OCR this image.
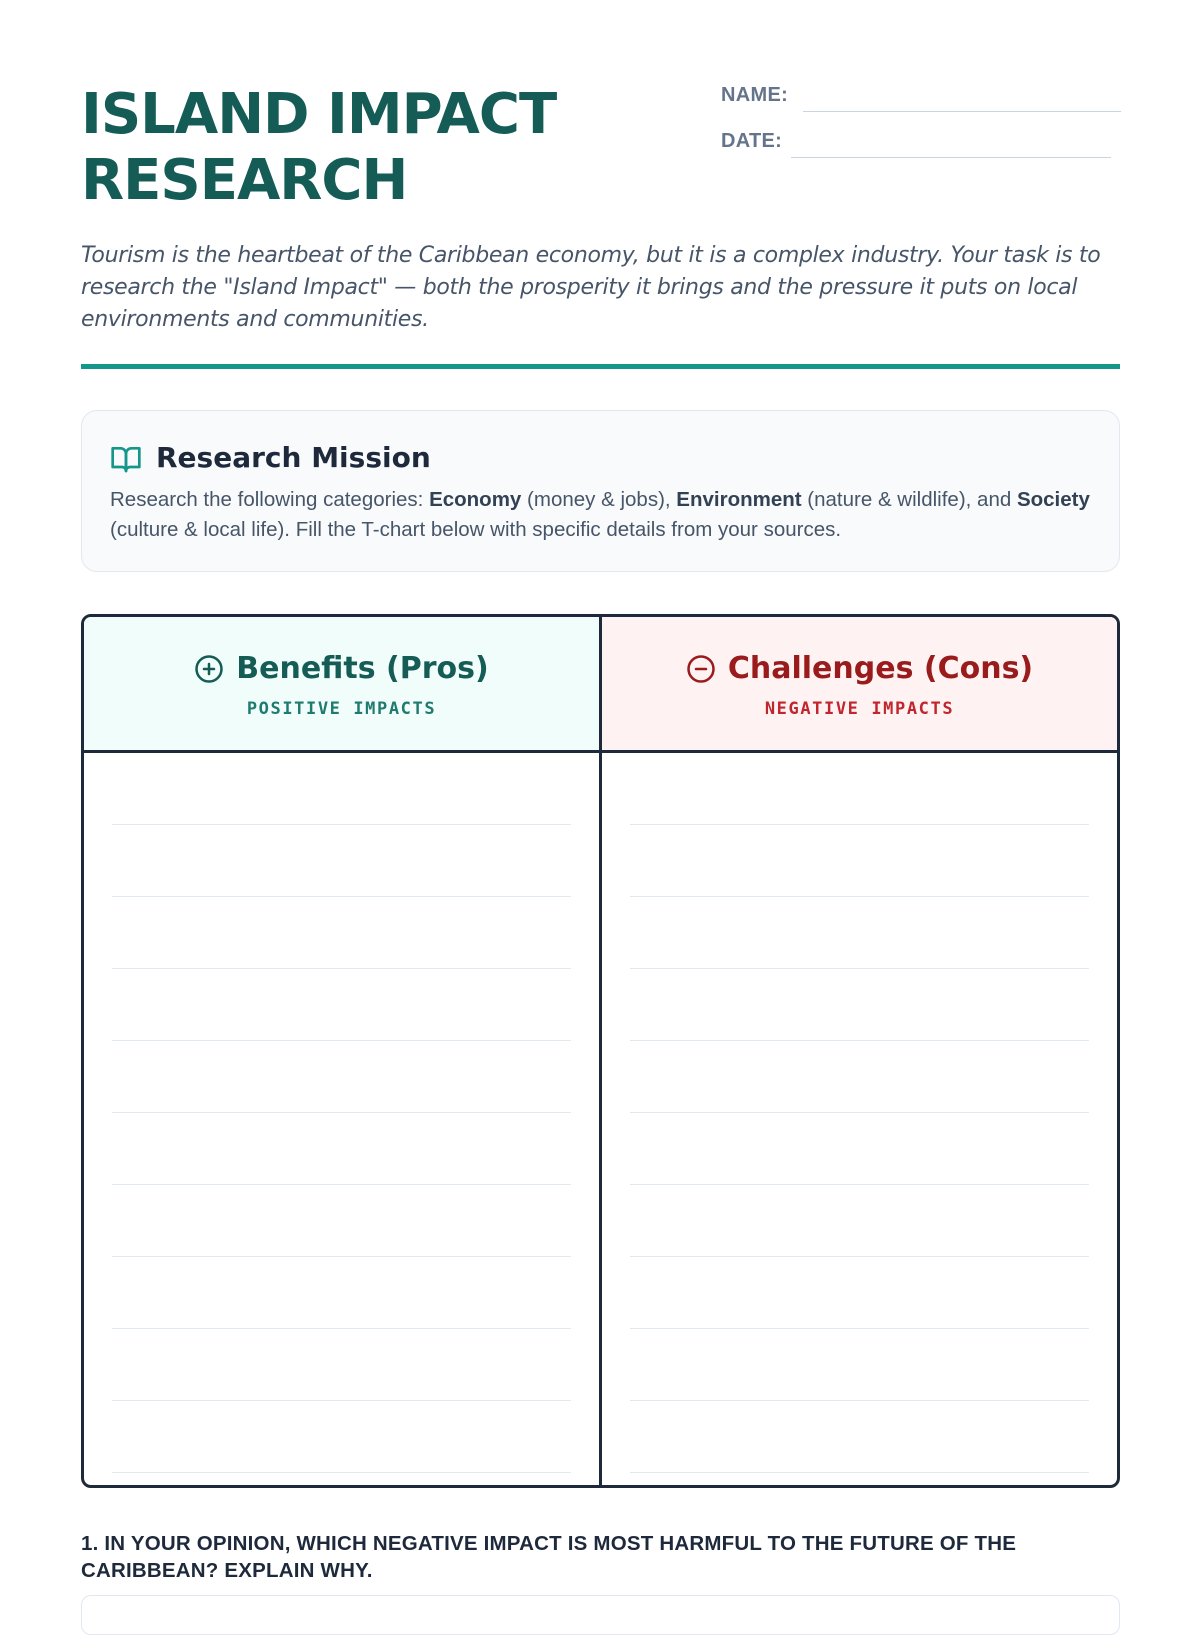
ISLAND IMPACT
RESEARCH
NAME:
DATE:

Tourism is the heartbeat of the Caribbean economy, but it is a complex industry. Your task is to research the "Island Impact" — both the prosperity it brings and the pressure it puts on local environments and communities.

Research Mission

Research the following categories: Economy (money & jobs), Environment (nature & wildlife), and Society (culture & local life). Fill the T-chart below with specific details from your sources.

Benefits (Pros)
POSITIVE IMPACTS
Challenges (Cons)
NEGATIVE IMPACTS

1. IN YOUR OPINION, WHICH NEGATIVE IMPACT IS MOST HARMFUL TO THE FUTURE OF THE CARIBBEAN? EXPLAIN WHY.
